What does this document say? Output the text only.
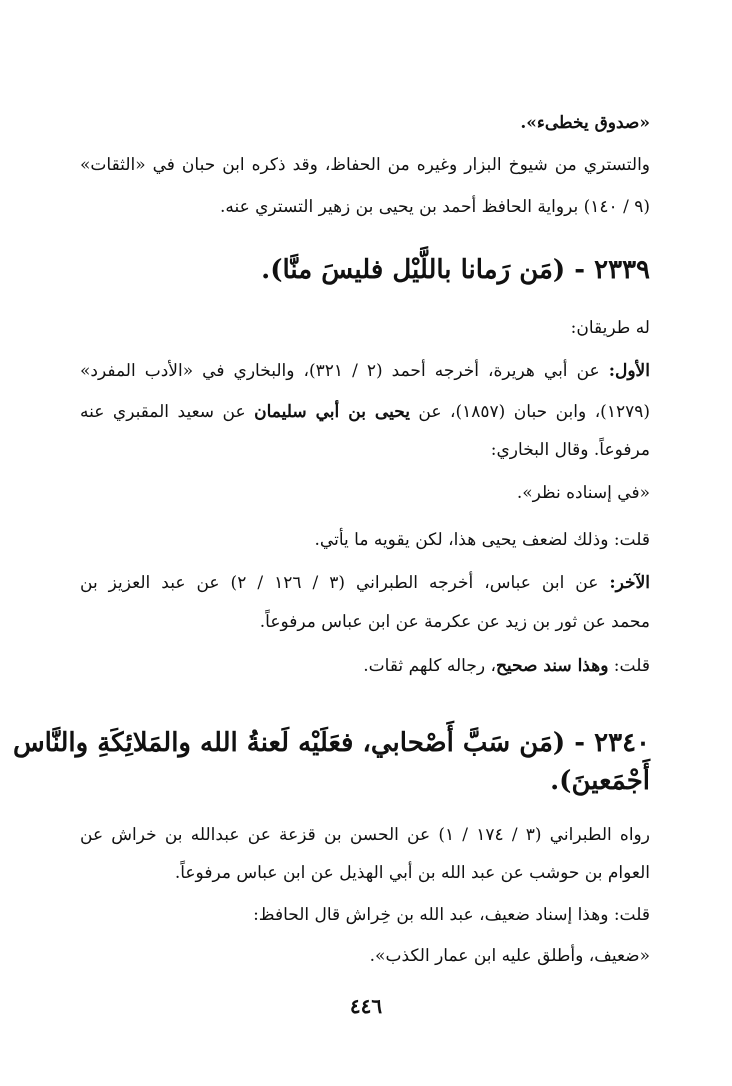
«صدوق يخطىء».
والتستري من شيوخ البزار وغيره من الحفاظ، وقد ذكره ابن حبان في «الثقات»
(٩ / ١٤٠) برواية الحافظ أحمد بن يحيى بن زهير التستري عنه.
٢٣٣٩ - (مَن رَمانا باللَّيْل فليسَ منَّا).
له طريقان:
الأول: عن أبي هريرة، أخرجه أحمد (٢ / ٣٢١)، والبخاري في «الأدب المفرد»
(١٢٧٩)، وابن حبان (١٨٥٧)، عن يحيى بن أبي سليمان عن سعيد المقبري عنه
مرفوعاً. وقال البخاري:
«في إسناده نظر».
قلت: وذلك لضعف يحيى هذا، لكن يقويه ما يأتي.
الآخر: عن ابن عباس، أخرجه الطبراني (٣ / ١٢٦ / ٢) عن عبد العزيز بن
محمد عن ثور بن زيد عن عكرمة عن ابن عباس مرفوعاً.
قلت: وهذا سند صحيح، رجاله كلهم ثقات.
٢٣٤٠ - (مَن سَبَّ أَصْحابي، فعَلَيْه لَعنةُ الله والمَلائِكَةِ والنَّاس
أَجْمَعينَ).
رواه الطبراني (٣ / ١٧٤ / ١) عن الحسن بن قزعة عن عبدالله بن خراش عن
العوام بن حوشب عن عبد الله بن أبي الهذيل عن ابن عباس مرفوعاً.
قلت: وهذا إسناد ضعيف، عبد الله بن خِراش قال الحافظ:
«ضعيف، وأطلق عليه ابن عمار الكذب».
٤٤٦
